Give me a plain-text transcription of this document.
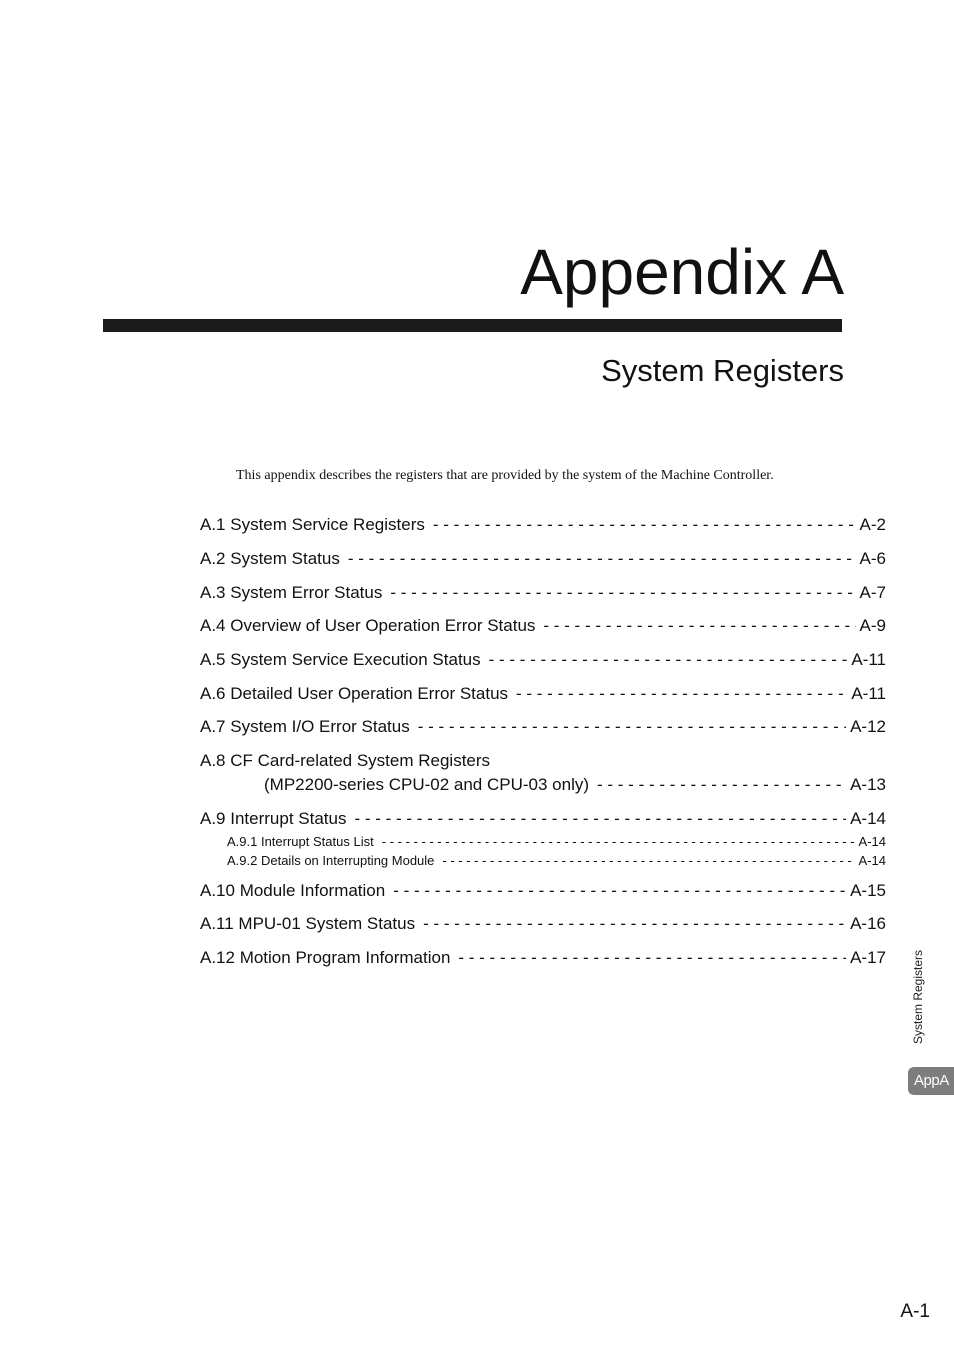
Appendix A
System Registers
This appendix describes the registers that are provided by the system of the Machine Controller.
A.1 System Service Registers - - -	A-2
A.2 System Status - - -	A-6
A.3 System Error Status - - -	A-7
A.4 Overview of User Operation Error Status - - -	A-9
A.5 System Service Execution Status - - -	A-11
A.6 Detailed User Operation Error Status - - -	A-11
A.7 System I/O Error Status - - -	A-12
A.8 CF Card-related System Registers
(MP2200-series CPU-02 and CPU-03 only) - - -	A-13
A.9 Interrupt Status - - -	A-14
A.9.1 Interrupt Status List - - -	A-14
A.9.2 Details on Interrupting Module - - -	A-14
A.10 Module Information - - -	A-15
A.11 MPU-01 System Status - - -	A-16
A.12 Motion Program Information - - -	A-17 System Registers
AppA
A-1
